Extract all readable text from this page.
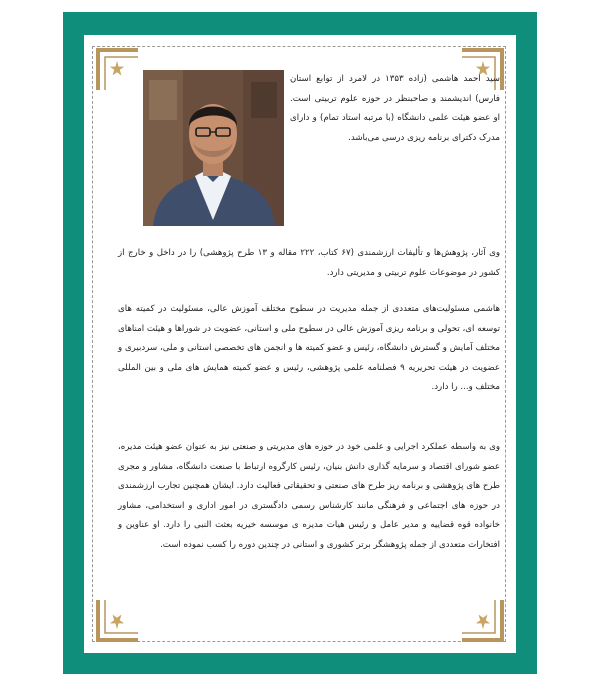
سید احمد هاشمی (زاده ۱۳۵۳ در لامرد از توابع استان فارس) اندیشمند و صاحبنظر در حوزه علوم تربیتی است. او عضو هیئت علمی دانشگاه (با مرتبه استاد تمام) و دارای مدرک دکترای برنامه ریزی درسی می‌باشد.

وی آثار، پژوهش‌ها و تألیفات ارزشمندی (۶۷ کتاب، ۲۲۲ مقاله و ۱۳ طرح پژوهشی) را در داخل و خارج از کشور در موضوعات علوم تربیتی و مدیریتی دارد.

هاشمی مسئولیت‌های متعددی از جمله مدیریت در سطوح مختلف آموزش عالی، مسئولیت در کمیته های توسعه ای، تحولی و برنامه ریزی آموزش عالی در سطوح ملی و استانی، عضویت در شوراها و هیئت امناهای مختلف آمایش و گسترش دانشگاه، رئیس و عضو کمیته ها و انجمن های تخصصی استانی و ملی، سردبیری و عضویت در هیئت تحریریه ۹ فصلنامه علمی پژوهشی، رئیس و عضو کمیته همایش های ملی و بین المللی مختلف و... را دارد.

وی به واسطه عملکرد اجرایی و علمی خود در حوزه های مدیریتی و صنعتی نیز به عنوان عضو هیئت مدیره، عضو شورای اقتصاد و سرمایه گذاری دانش بنیان، رئیس کارگروه ارتباط با صنعت دانشگاه، مشاور و مجری طرح های پژوهشی و برنامه ریز طرح های صنعتی و تحقیقاتی فعالیت دارد. ایشان همچنین تجارب ارزشمندی در حوزه های اجتماعی و فرهنگی مانند کارشناس رسمی دادگستری در امور اداری و استخدامی، مشاور خانواده قوه قضاییه و مدیر عامل و رئیس هیات مدیره ی موسسه خیریه بعثت النبی را دارد. او عناوین و افتخارات متعددی از جمله پژوهشگر برتر کشوری و استانی در چندین دوره را کسب نموده است.
